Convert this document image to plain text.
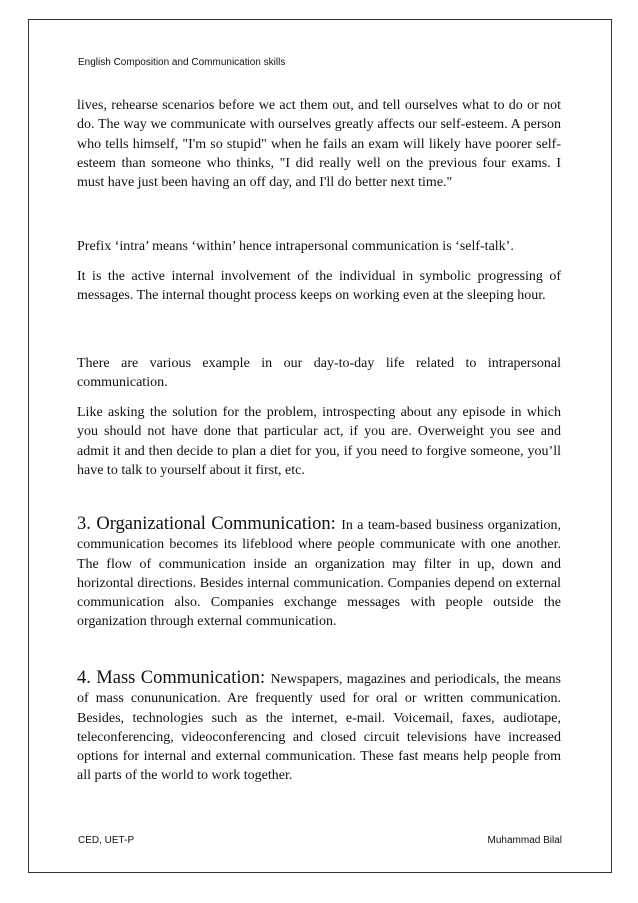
English Composition and Communication skills

lives, rehearse scenarios before we act them out, and tell ourselves what to do or not do. The way we communicate with ourselves greatly affects our self-esteem. A person who tells himself, "I'm so stupid" when he fails an exam will likely have poorer self-esteem than someone who thinks, "I did really well on the previous four exams. I must have just been having an off day, and I'll do better next time."

Prefix ‘intra’ means ‘within’ hence intrapersonal communication is ‘self-talk’.

It is the active internal involvement of the individual in symbolic progressing of messages. The internal thought process keeps on working even at the sleeping hour.

There are various example in our day-to-day life related to intrapersonal communication.

Like asking the solution for the problem, introspecting about any episode in which you should not have done that particular act, if you are. Overweight you see and admit it and then decide to plan a diet for you, if you need to forgive someone, you’ll have to talk to yourself about it first, etc.

3. Organizational Communication: In a team-based business organization, communication becomes its lifeblood where people communicate with one another. The flow of communication inside an organization may filter in up, down and horizontal directions. Besides internal communication. Companies depend on external communication also. Companies exchange messages with people outside the organization through external communication.

4. Mass Communication: Newspapers, magazines and periodicals, the means of mass conununication. Are frequently used for oral or written communication. Besides, technologies such as the internet, e-mail. Voicemail, faxes, audiotape, teleconferencing, videoconferencing and closed circuit televisions have increased options for internal and external communication. These fast means help people from all parts of the world to work together.

CED, UET-P	Muhammad Bilal
